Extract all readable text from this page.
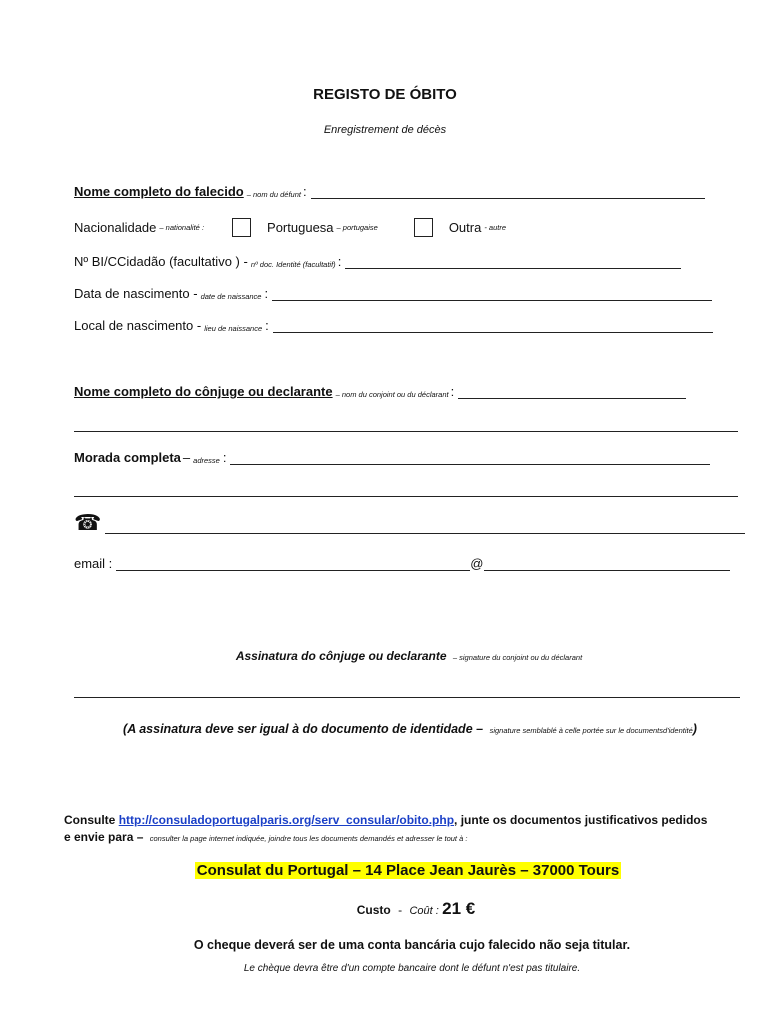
REGISTO DE ÓBITO
Enregistrement de décès
Nome completo do falecido – nom du défunt :
Nacionalidade – nationalité :	Portuguesa – portugaise	Outra - autre
Nº BI/CCidadão (facultativo ) - nº doc. Identité (facultatif) :
Data de nascimento - date de naissance :
Local de nascimento - lieu de naissance :
Nome completo do cônjuge ou declarante – nom du conjoint ou du déclarant :
Morada completa – adresse :
☎
email :	@
Assinatura do cônjuge ou declarante – signature du conjoint ou du déclarant
(A assinatura deve ser igual à do documento de identidade – signature semblablé à celle portée sur le documentsd'identité)
Consulte http://consuladoportugalparis.org/serv_consular/obito.php, junte os documentos justificativos pedidos
e envie para – consulter la page internet indiquée, joindre tous les documents demandés et adresser le tout à :
Consulat du Portugal – 14 Place Jean Jaurès – 37000 Tours
Custo - Coût : 21 €
O cheque deverá ser de uma conta bancária cujo falecido não seja titular.
Le chèque devra être d'un compte bancaire dont le défunt n'est pas titulaire.
